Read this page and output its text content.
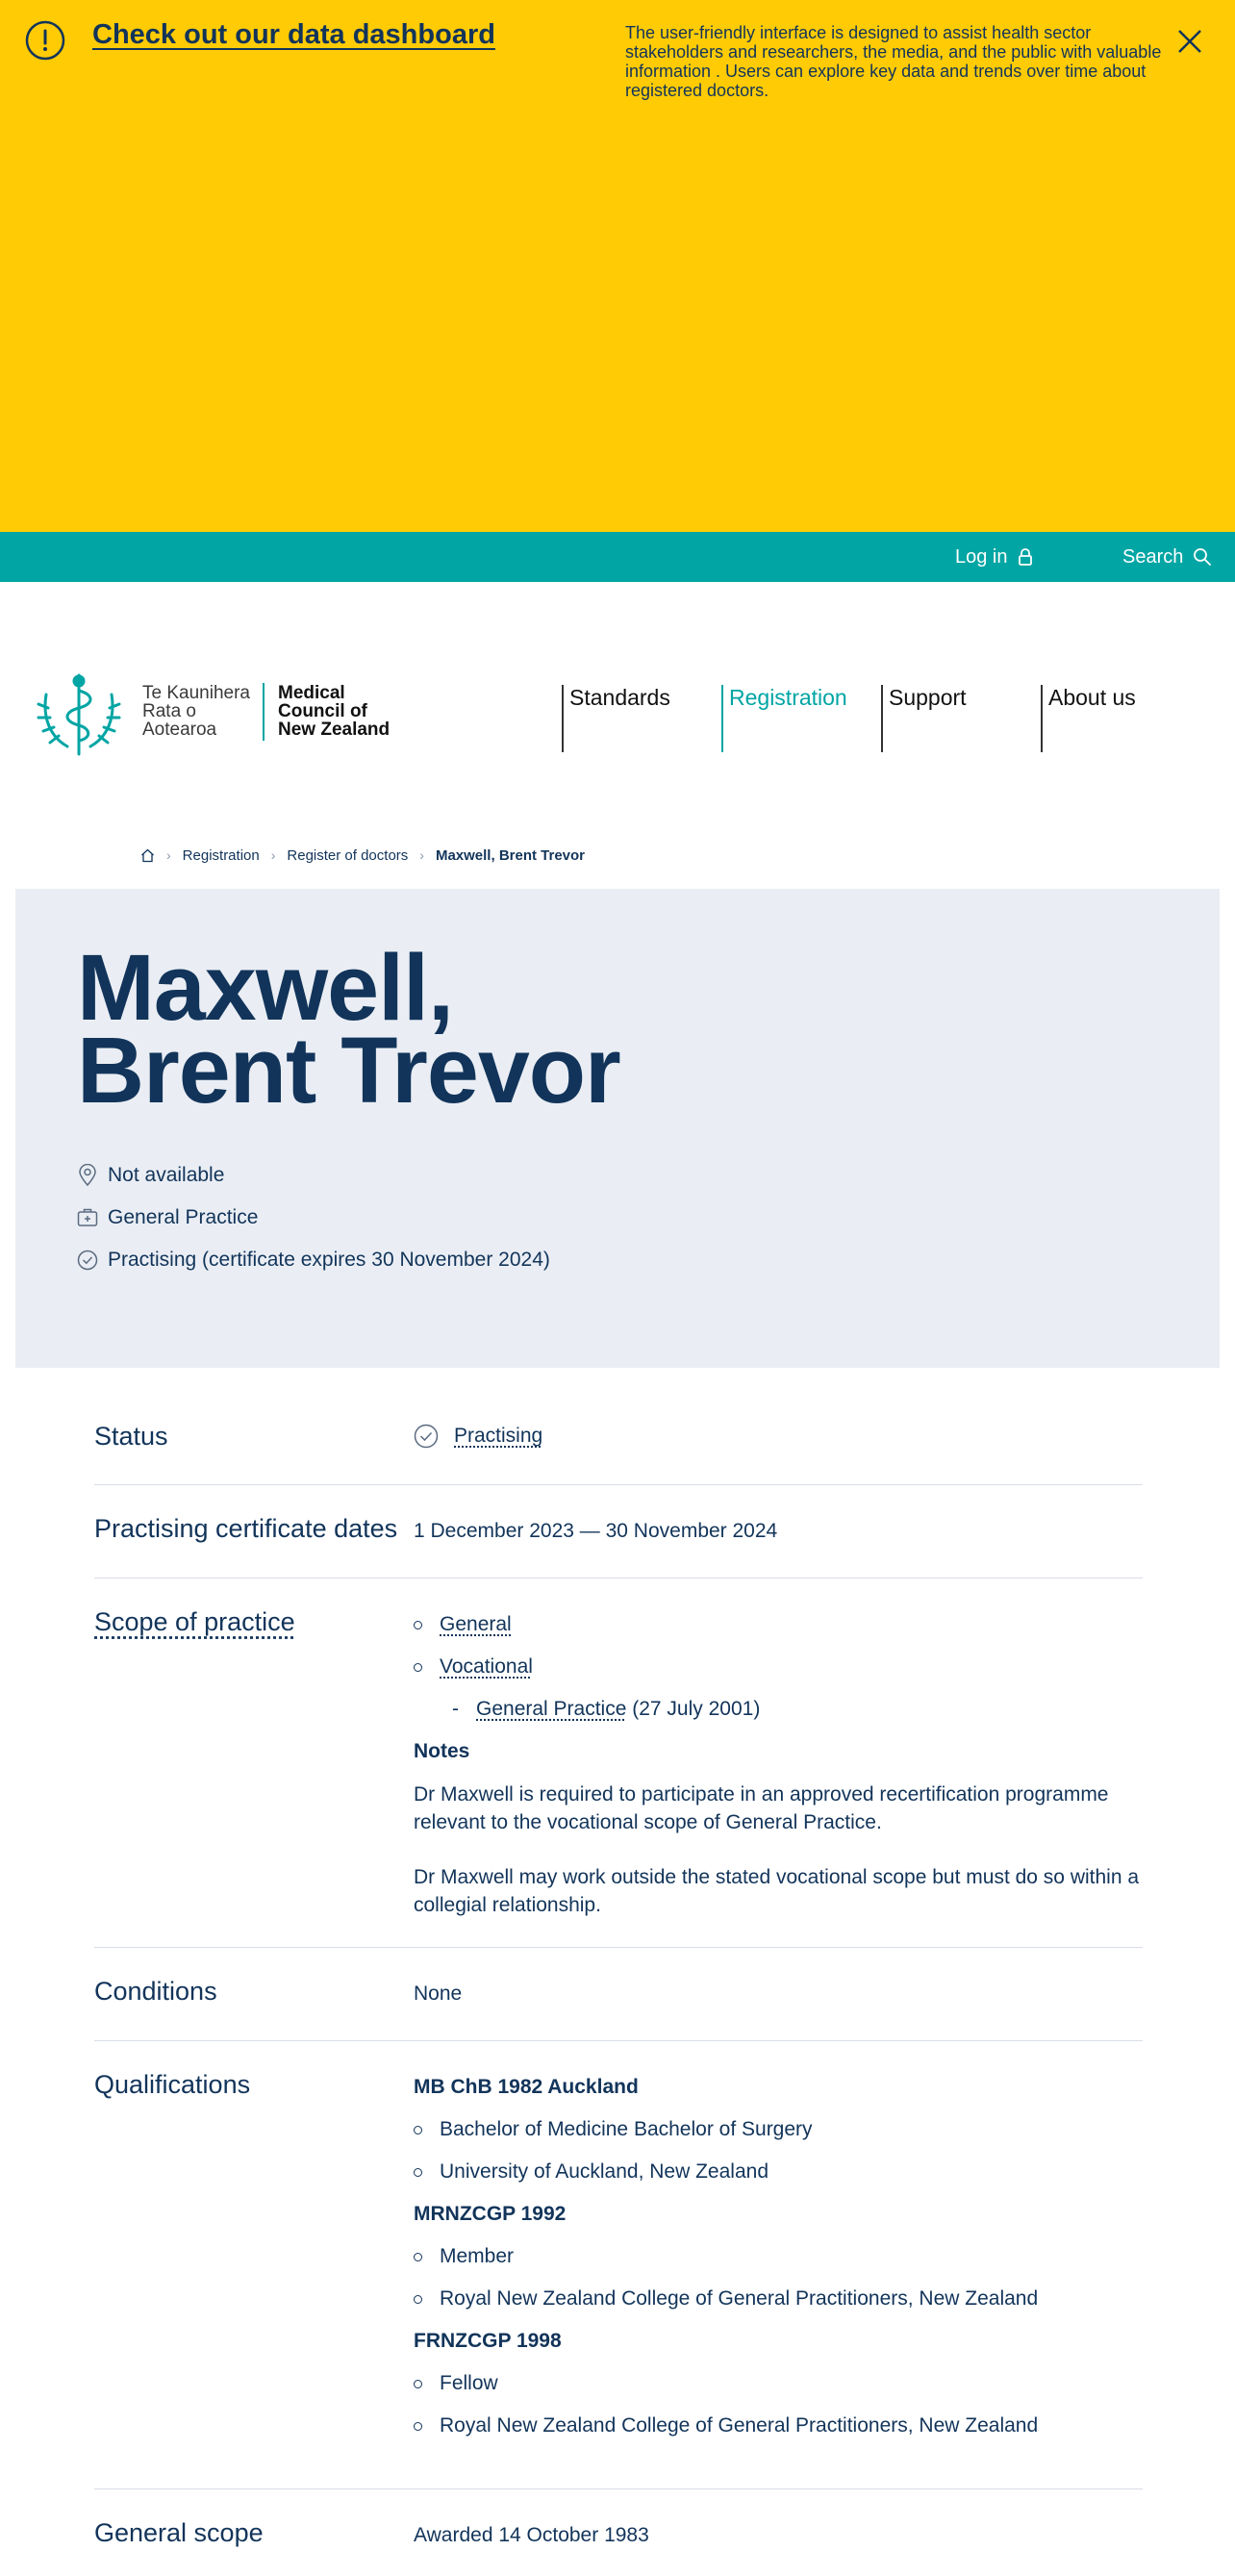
Check out our data dashboard	The user-friendly interface is designed to assist health sector stakeholders and researchers, the media, and the public with valuable information . Users can explore key data and trends over time about registered doctors.
Log in	Search
Te Kaunihera
Rata o
Aotearoa
Medical
Council of
New Zealand
Standards	Registration	Support	About us
› Registration › Register of doctors › Maxwell, Brent Trevor
Maxwell,
Brent Trevor
Not available
General Practice
Practising (certificate expires 30 November 2024)
Status	Practising
Practising certificate dates 1 December 2023 — 30 November 2024
Scope of practice	General
Vocational
- General Practice (27 July 2001)
Notes
Dr Maxwell is required to participate in an approved recertification programme relevant to the vocational scope of General Practice.
Dr Maxwell may work outside the stated vocational scope but must do so within a collegial relationship.
Conditions	None
Qualifications	MB ChB 1982 Auckland
Bachelor of Medicine Bachelor of Surgery
University of Auckland, New Zealand
MRNZCGP 1992
Member
Royal New Zealand College of General Practitioners, New Zealand
FRNZCGP 1998
Fellow
Royal New Zealand College of General Practitioners, New Zealand
General scope	Awarded 14 October 1983
